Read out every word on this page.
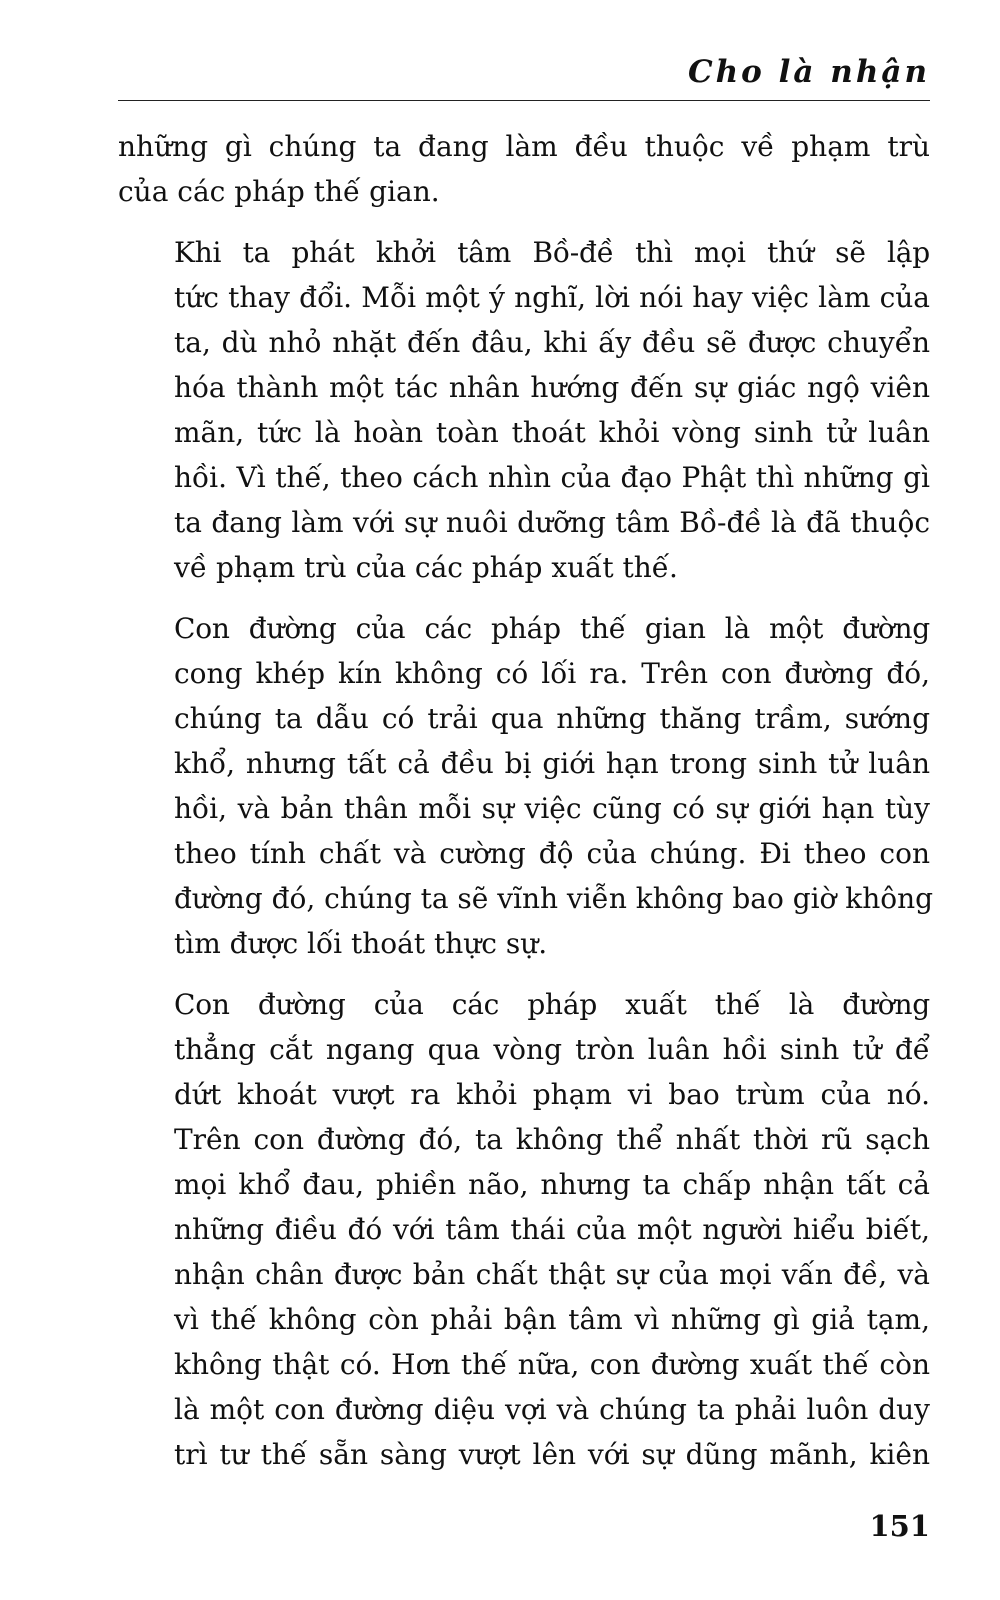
Cho là nhận

những gì chúng ta đang làm đều thuộc về phạm trù
của các pháp thế gian.

Khi ta phát khởi tâm Bồ-đề thì mọi thứ sẽ lập
tức thay đổi. Mỗi một ý nghĩ, lời nói hay việc làm của
ta, dù nhỏ nhặt đến đâu, khi ấy đều sẽ được chuyển
hóa thành một tác nhân hướng đến sự giác ngộ viên
mãn, tức là hoàn toàn thoát khỏi vòng sinh tử luân
hồi. Vì thế, theo cách nhìn của đạo Phật thì những gì
ta đang làm với sự nuôi dưỡng tâm Bồ-đề là đã thuộc
về phạm trù của các pháp xuất thế.

Con đường của các pháp thế gian là một đường
cong khép kín không có lối ra. Trên con đường đó,
chúng ta dẫu có trải qua những thăng trầm, sướng
khổ, nhưng tất cả đều bị giới hạn trong sinh tử luân
hồi, và bản thân mỗi sự việc cũng có sự giới hạn tùy
theo tính chất và cường độ của chúng. Đi theo con
đường đó, chúng ta sẽ vĩnh viễn không bao giờ không
tìm được lối thoát thực sự.

Con đường của các pháp xuất thế là đường
thẳng cắt ngang qua vòng tròn luân hồi sinh tử để
dứt khoát vượt ra khỏi phạm vi bao trùm của nó.
Trên con đường đó, ta không thể nhất thời rũ sạch
mọi khổ đau, phiền não, nhưng ta chấp nhận tất cả
những điều đó với tâm thái của một người hiểu biết,
nhận chân được bản chất thật sự của mọi vấn đề, và
vì thế không còn phải bận tâm vì những gì giả tạm,
không thật có. Hơn thế nữa, con đường xuất thế còn
là một con đường diệu vợi và chúng ta phải luôn duy
trì tư thế sẵn sàng vượt lên với sự dũng mãnh, kiên

151
